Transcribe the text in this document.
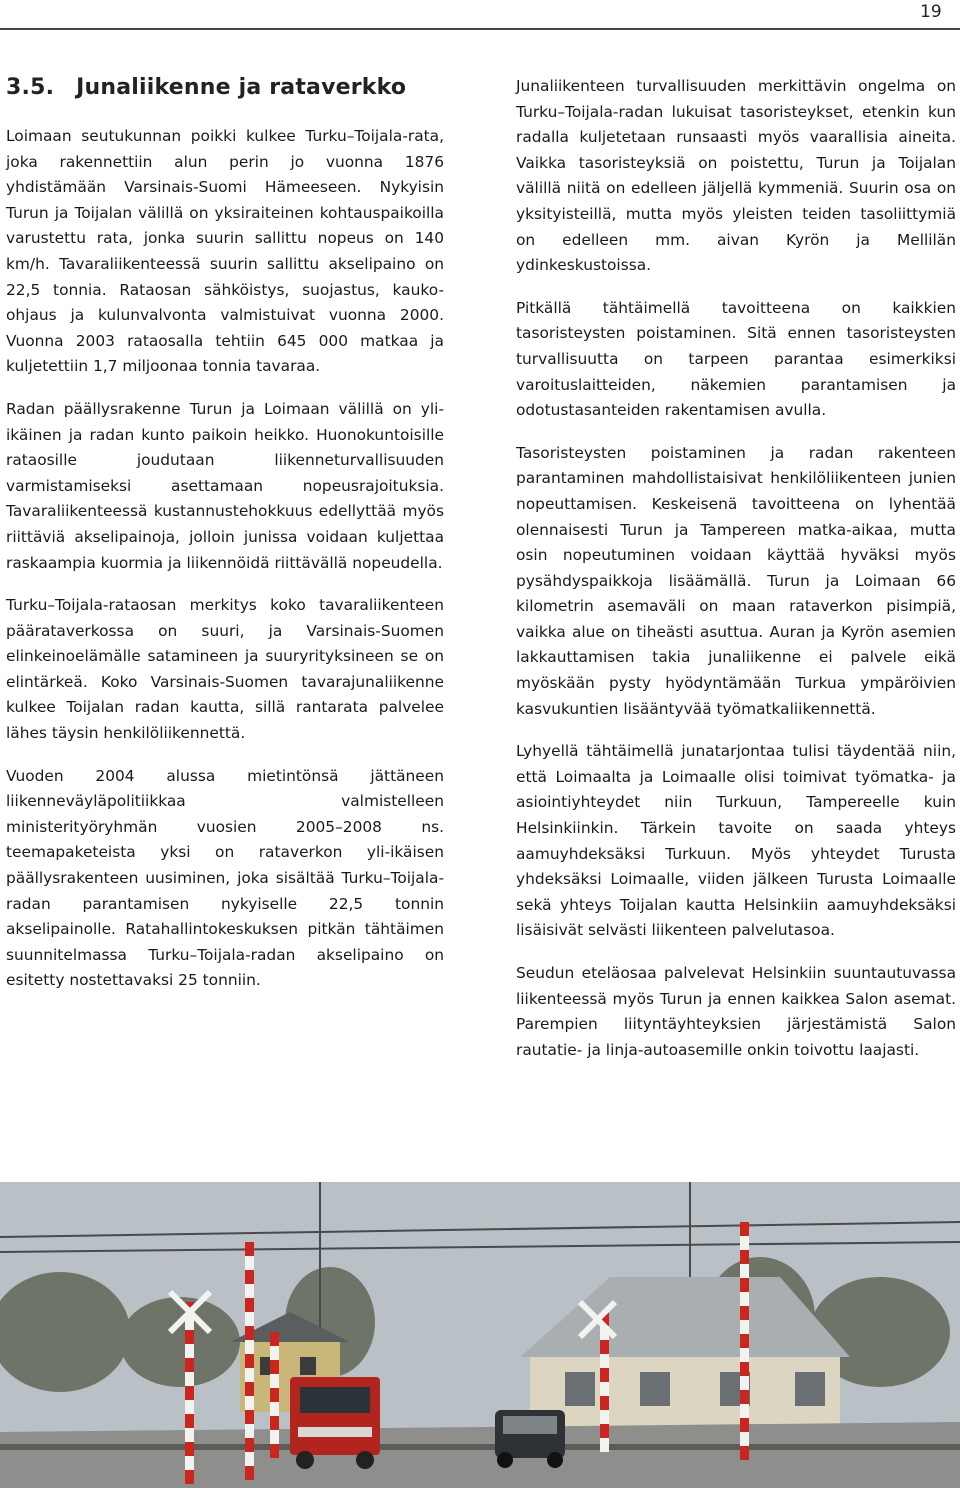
19
3.5. Junaliikenne ja rataverkko

Loimaan seutukunnan poikki kulkee Turku–Toijala-rata, joka rakennettiin alun perin jo vuonna 1876 yhdistämään Varsinais-Suomi Hämeeseen. Nykyisin Turun ja Toijalan välillä on yksiraiteinen kohtauspaikoilla varustettu rata, jonka suurin sallittu nopeus on 140 km/h. Tavaraliikenteessä suurin sallittu akselipaino on 22,5 tonnia. Rataosan sähköistys, suojastus, kauko-ohjaus ja kulunvalvonta valmistuivat vuonna 2000. Vuonna 2003 rataosalla tehtiin 645 000 matkaa ja kuljetettiin 1,7 miljoonaa tonnia tavaraa.

Radan päällysrakenne Turun ja Loimaan välillä on yli-ikäinen ja radan kunto paikoin heikko. Huonokuntoisille rataosille joudutaan liikenneturvallisuuden varmistamiseksi asettamaan nopeusrajoituksia. Tavaraliikenteessä kustannustehokkuus edellyttää myös riittäviä akselipainoja, jolloin junissa voidaan kuljettaa raskaampia kuormia ja liikennöidä riittävällä nopeudella.

Turku–Toijala-rataosan merkitys koko tavaraliikenteen päärataverkossa on suuri, ja Varsinais-Suomen elinkeinoelämälle satamineen ja suuryrityksineen se on elintärkeä. Koko Varsinais-Suomen tavarajunaliikenne kulkee Toijalan radan kautta, sillä rantarata palvelee lähes täysin henkilöliikennettä.

Vuoden 2004 alussa mietintönsä jättäneen liikenneväyläpolitiikkaa valmistelleen ministerityöryhmän vuosien 2005–2008 ns. teemapaketeista yksi on rataverkon yli-ikäisen päällysrakenteen uusiminen, joka sisältää Turku–Toijala-radan parantamisen nykyiselle 22,5 tonnin akselipainolle. Ratahallintokeskuksen pitkän tähtäimen suunnitelmassa Turku–Toijala-radan akselipaino on esitetty nostettavaksi 25 tonniin.

Junaliikenteen turvallisuuden merkittävin ongelma on Turku–Toijala-radan lukuisat tasoristeykset, etenkin kun radalla kuljetetaan runsaasti myös vaarallisia aineita. Vaikka tasoristeyksiä on poistettu, Turun ja Toijalan välillä niitä on edelleen jäljellä kymmeniä. Suurin osa on yksityisteillä, mutta myös yleisten teiden tasoliittymiä on edelleen mm. aivan Kyrön ja Mellilän ydinkeskustoissa.

Pitkällä tähtäimellä tavoitteena on kaikkien tasoristeysten poistaminen. Sitä ennen tasoristeysten turvallisuutta on tarpeen parantaa esimerkiksi varoituslaitteiden, näkemien parantamisen ja odotustasanteiden rakentamisen avulla.

Tasoristeysten poistaminen ja radan rakenteen parantaminen mahdollistaisivat henkilöliikenteen junien nopeuttamisen. Keskeisenä tavoitteena on lyhentää olennaisesti Turun ja Tampereen matka-aikaa, mutta osin nopeutuminen voidaan käyttää hyväksi myös pysähdyspaikkoja lisäämällä. Turun ja Loimaan 66 kilometrin asemaväli on maan rataverkon pisimpiä, vaikka alue on tiheästi asuttua. Auran ja Kyrön asemien lakkauttamisen takia junaliikenne ei palvele eikä myöskään pysty hyödyntämään Turkua ympäröivien kasvukuntien lisääntyvää työmatkaliikennettä.

Lyhyellä tähtäimellä junatarjontaa tulisi täydentää niin, että Loimaalta ja Loimaalle olisi toimivat työmatka- ja asiointiyhteydet niin Turkuun, Tampereelle kuin Helsinkiinkin. Tärkein tavoite on saada yhteys aamuyhdeksäksi Turkuun. Myös yhteydet Turusta yhdeksäksi Loimaalle, viiden jälkeen Turusta Loimaalle sekä yhteys Toijalan kautta Helsinkiin aamuyhdeksäksi lisäisivät selvästi liikenteen palvelutasoa.

Seudun eteläosaa palvelevat Helsinkiin suuntautuvassa liikenteessä myös Turun ja ennen kaikkea Salon asemat. Parempien liityntäyhteyksien järjestämistä Salon rautatie- ja linja-autoasemille onkin toivottu laajasti.
